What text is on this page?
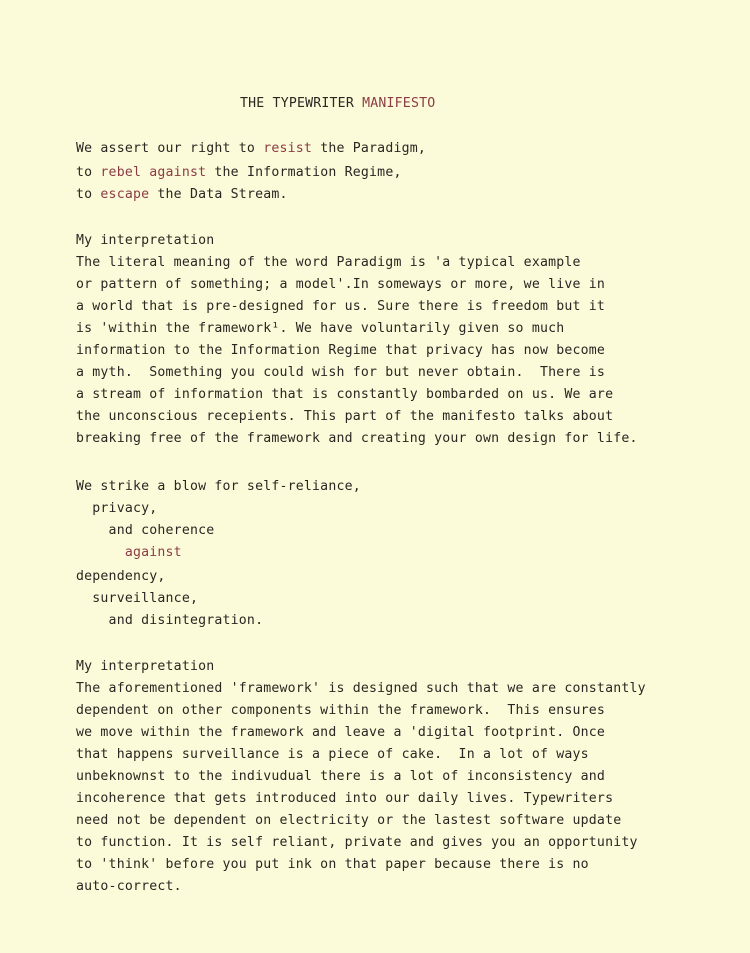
THE TYPEWRITER MANIFESTO
We assert our right to resist the Paradigm,
to rebel against the Information Regime,
to escape the Data Stream.
My interpretation
The literal meaning of the word Paradigm is 'a typical example
or pattern of something; a model'.In someways or more, we live in
a world that is pre-designed for us. Sure there is freedom but it
is 'within the framework¹. We have voluntarily given so much
information to the Information Regime that privacy has now become
a myth.  Something you could wish for but never obtain.  There is
a stream of information that is constantly bombarded on us. We are
the unconscious recepients. This part of the manifesto talks about
breaking free of the framework and creating your own design for life.
We strike a blow for self-reliance,
privacy,
and coherence
against
dependency,
surveillance,
and disintegration.
My interpretation
The aforementioned 'framework' is designed such that we are constantly
dependent on other components within the framework.  This ensures
we move within the framework and leave a 'digital footprint. Once
that happens surveillance is a piece of cake.  In a lot of ways
unbeknownst to the indivudual there is a lot of inconsistency and
incoherence that gets introduced into our daily lives. Typewriters
need not be dependent on electricity or the lastest software update
to function. It is self reliant, private and gives you an opportunity
to 'think' before you put ink on that paper because there is no
auto-correct.
